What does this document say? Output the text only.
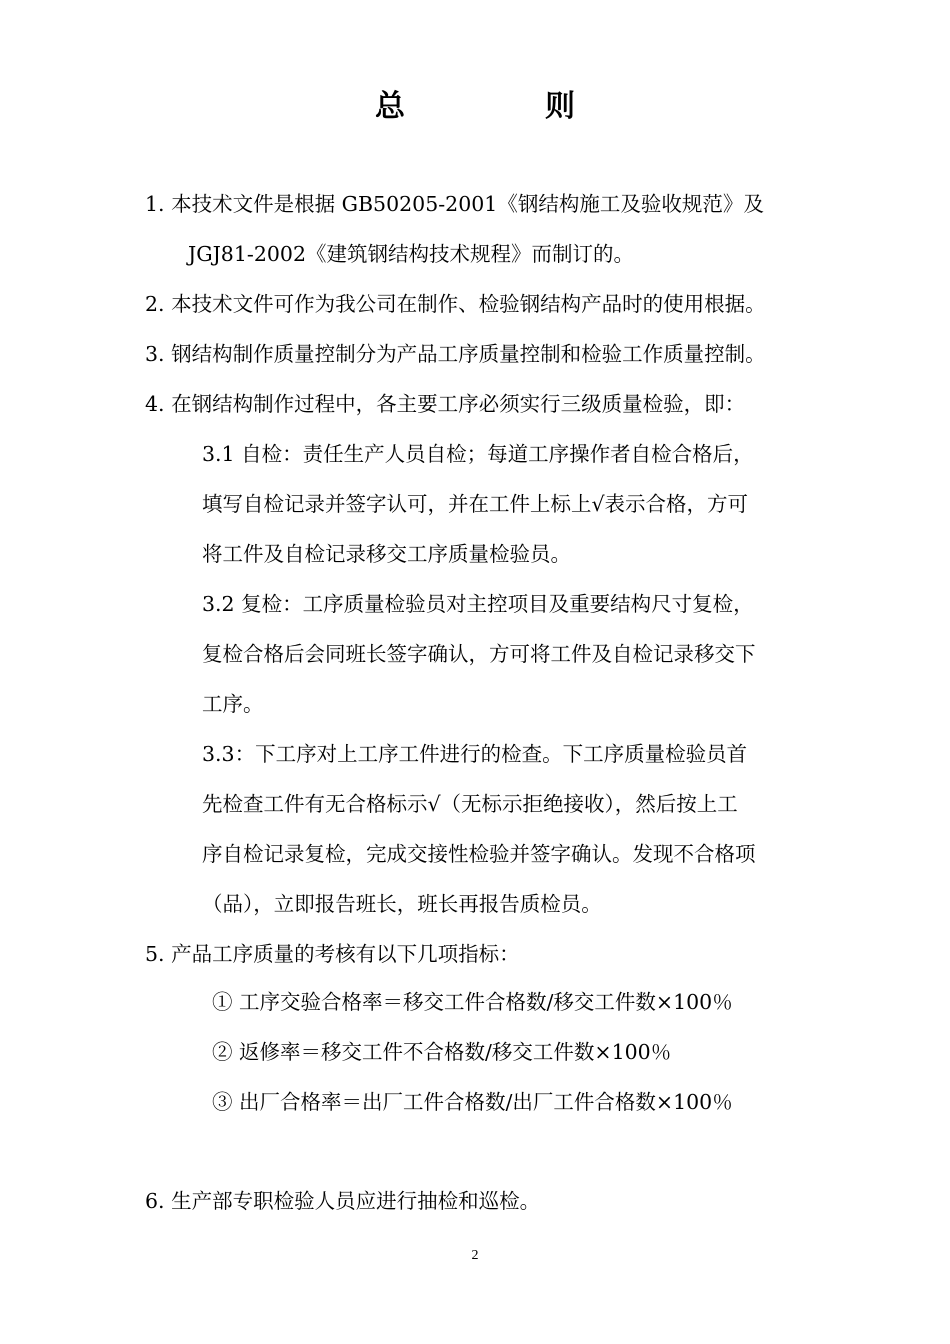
总则

1. 本技术文件是根据 GB50205-2001《钢结构施工及验收规范》及

JGJ81-2002《建筑钢结构技术规程》而制订的。

2. 本技术文件可作为我公司在制作、检验钢结构产品时的使用根据。

3. 钢结构制作质量控制分为产品工序质量控制和检验工作质量控制。

4. 在钢结构制作过程中，各主要工序必须实行三级质量检验，即：

3.1 自检：责任生产人员自检；每道工序操作者自检合格后，

填写自检记录并签字认可，并在工件上标上√表示合格，方可

将工件及自检记录移交工序质量检验员。

3.2 复检：工序质量检验员对主控项目及重要结构尺寸复检，

复检合格后会同班长签字确认，方可将工件及自检记录移交下

工序。

3.3：下工序对上工序工件进行的检查。下工序质量检验员首

先检查工件有无合格标示√（无标示拒绝接收），然后按上工

序自检记录复检，完成交接性检验并签字确认。发现不合格项

（品），立即报告班长，班长再报告质检员。

5. 产品工序质量的考核有以下几项指标：

① 工序交验合格率＝移交工件合格数/移交工件数×100％

② 返修率＝移交工件不合格数/移交工件数×100％

③ 出厂合格率＝出厂工件合格数/出厂工件合格数×100％

6. 生产部专职检验人员应进行抽检和巡检。

2
